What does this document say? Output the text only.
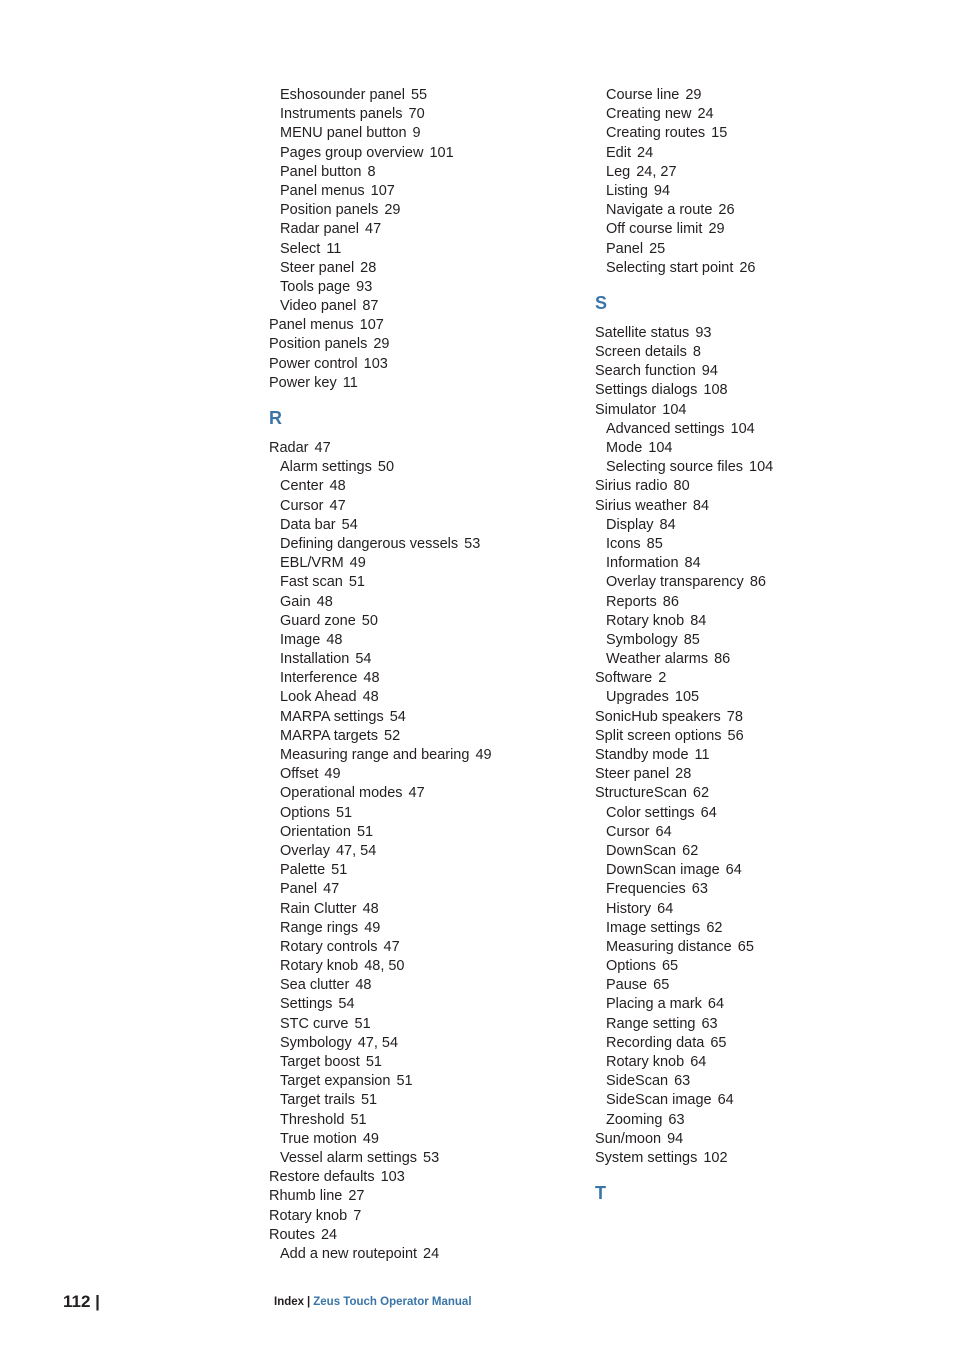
Eshosounder panel 55
Instruments panels 70
MENU panel button 9
Pages group overview 101
Panel button 8
Panel menus 107
Position panels 29
Radar panel 47
Select 11
Steer panel 28
Tools page 93
Video panel 87
Panel menus 107
Position panels 29
Power control 103
Power key 11
R
Radar 47
Alarm settings 50
Center 48
Cursor 47
Data bar 54
Defining dangerous vessels 53
EBL/VRM 49
Fast scan 51
Gain 48
Guard zone 50
Image 48
Installation 54
Interference 48
Look Ahead 48
MARPA settings 54
MARPA targets 52
Measuring range and bearing 49
Offset 49
Operational modes 47
Options 51
Orientation 51
Overlay 47, 54
Palette 51
Panel 47
Rain Clutter 48
Range rings 49
Rotary controls 47
Rotary knob 48, 50
Sea clutter 48
Settings 54
STC curve 51
Symbology 47, 54
Target boost 51
Target expansion 51
Target trails 51
Threshold 51
True motion 49
Vessel alarm settings 53
Restore defaults 103
Rhumb line 27
Rotary knob 7
Routes 24
Add a new routepoint 24
Course line 29
Creating new 24
Creating routes 15
Edit 24
Leg 24, 27
Listing 94
Navigate a route 26
Off course limit 29
Panel 25
Selecting start point 26
S
Satellite status 93
Screen details 8
Search function 94
Settings dialogs 108
Simulator 104
Advanced settings 104
Mode 104
Selecting source files 104
Sirius radio 80
Sirius weather 84
Display 84
Icons 85
Information 84
Overlay transparency 86
Reports 86
Rotary knob 84
Symbology 85
Weather alarms 86
Software 2
Upgrades 105
SonicHub speakers 78
Split screen options 56
Standby mode 11
Steer panel 28
StructureScan 62
Color settings 64
Cursor 64
DownScan 62
DownScan image 64
Frequencies 63
History 64
Image settings 62
Measuring distance 65
Options 65
Pause 65
Placing a mark 64
Range setting 63
Recording data 65
Rotary knob 64
SideScan 63
SideScan image 64
Zooming 63
Sun/moon 94
System settings 102
T
112 |	Index | Zeus Touch Operator Manual
